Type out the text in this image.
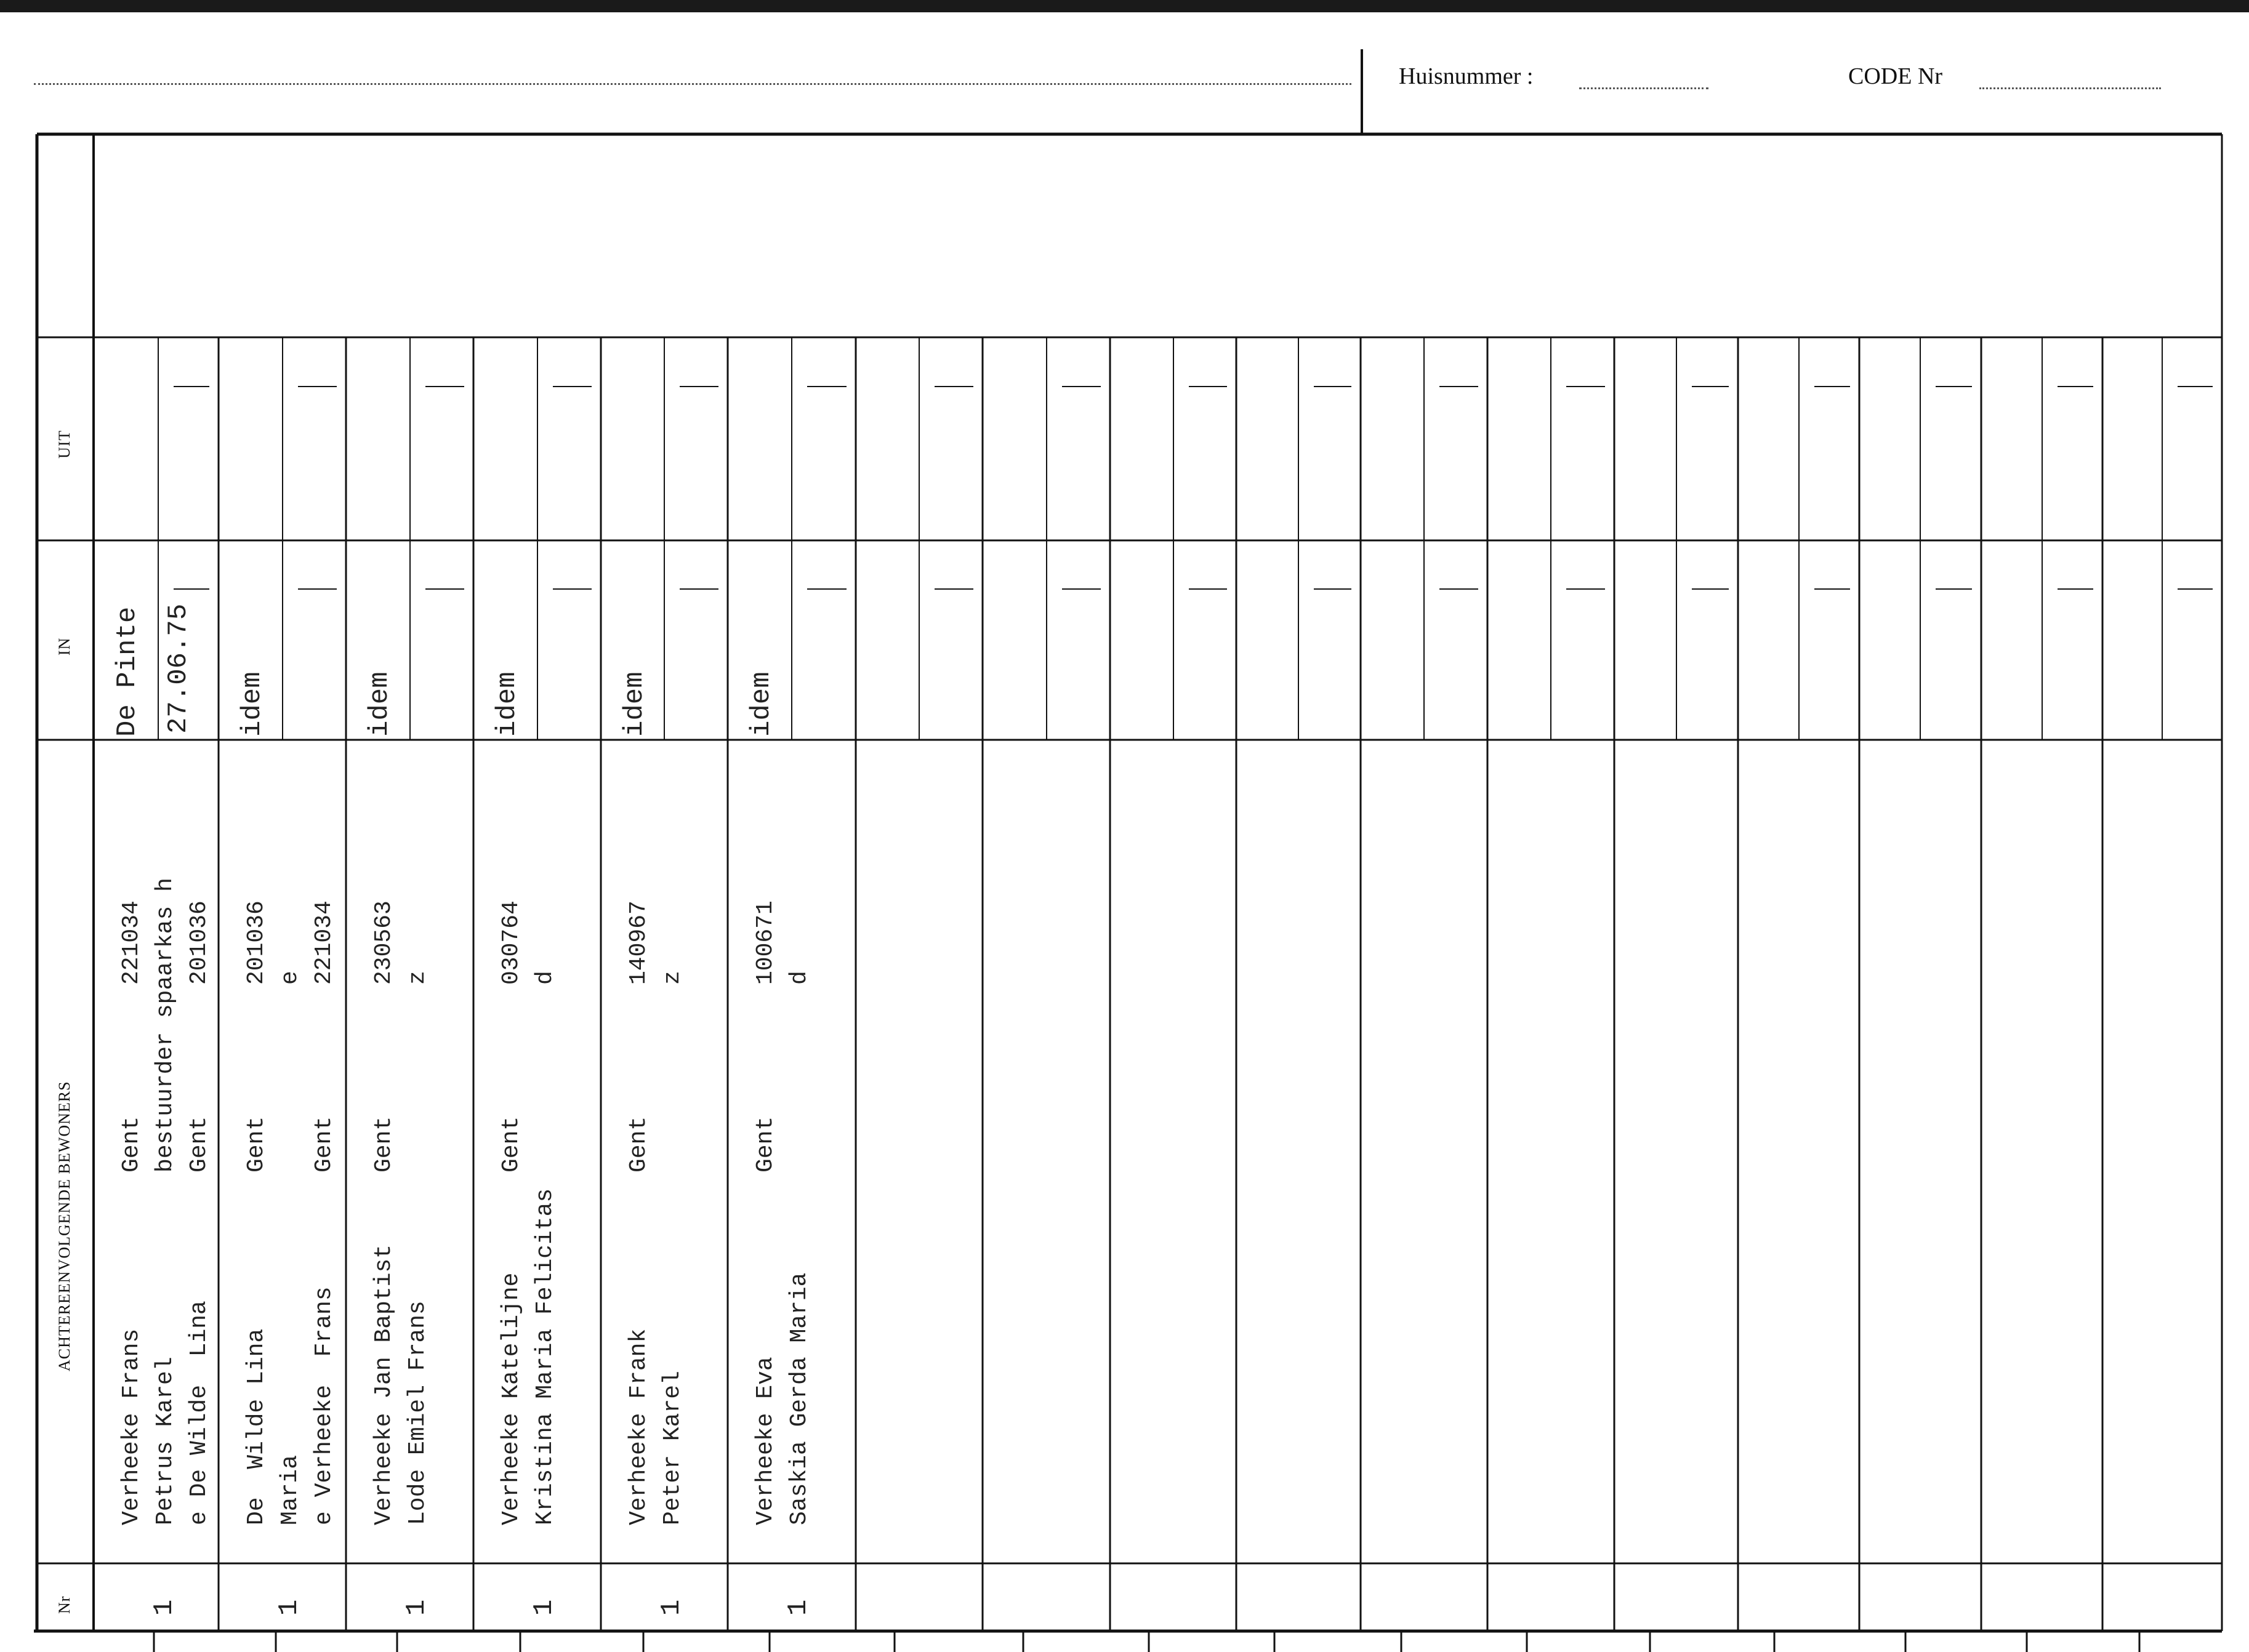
Huisnummer :	CODE Nr
Nr
ACHTEREENVOLGENDE BEWONERS
IN
UIT
1
Verheeke Frans Petrus Karel e De Wilde  Lina
Gent bestuurder spaarkas h Gent
221034 201036
De Pinte 27.06.75
1
De  Wilde Lina Maria e Verheeke  Frans
Gent Gent
201036 e 221034
idem
1
Verheeke Jan Baptist Lode Emiel Frans
Gent
230563 z
idem
1
Verheeke Katelijne Kristina Maria Felicitas
Gent
030764 d
idem
1
Verheeke Frank Peter Karel
Gent
140967 z
idem
1
Verheeke Eva Saskia Gerda Maria
Gent
100671 d
idem
